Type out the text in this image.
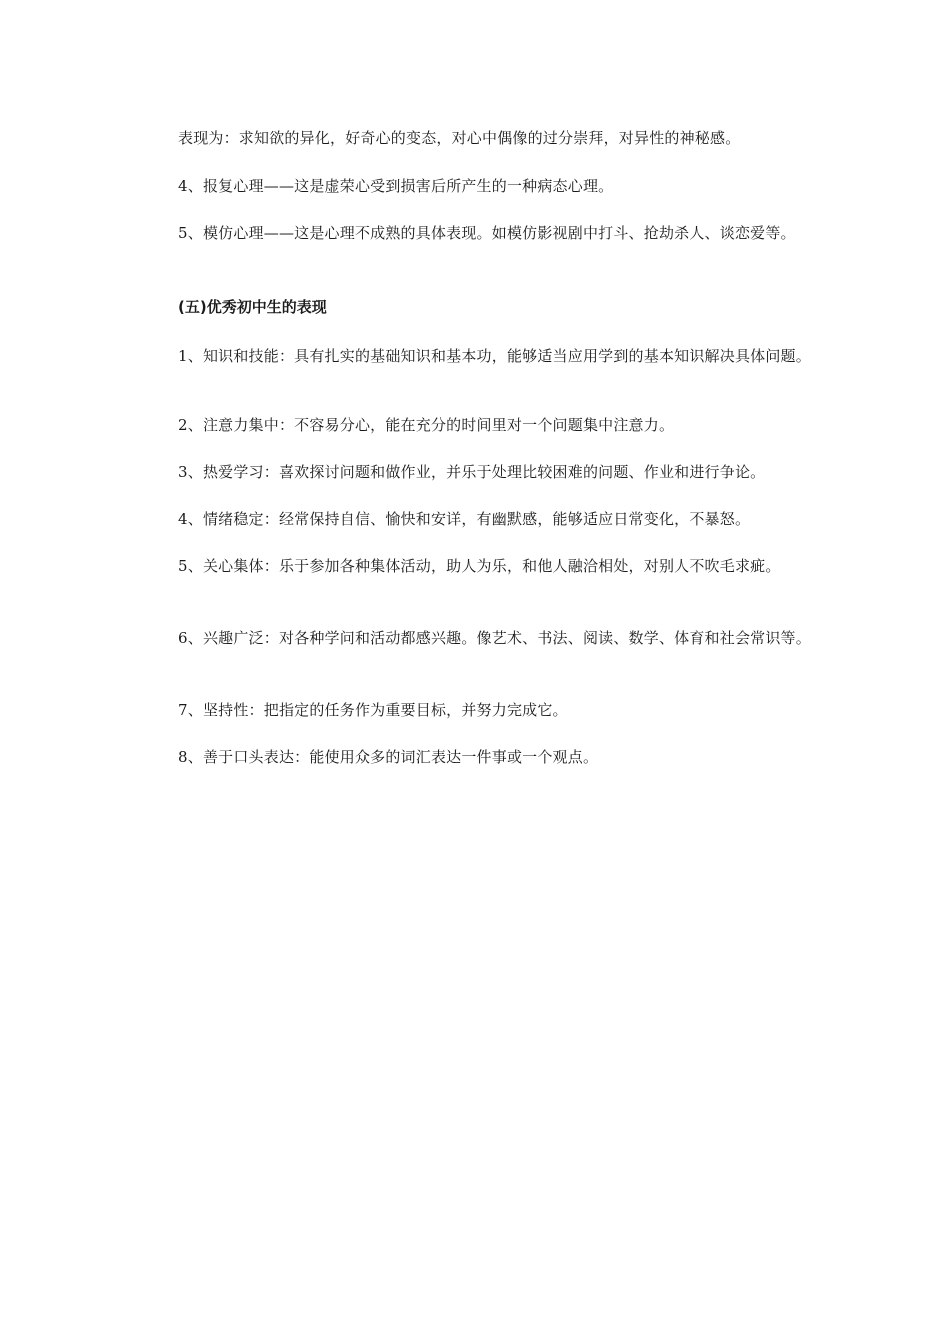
表现为：求知欲的异化，好奇心的变态，对心中偶像的过分崇拜，对异性的神秘感。

4、报复心理——这是虚荣心受到损害后所产生的一种病态心理。

5、模仿心理——这是心理不成熟的具体表现。如模仿影视剧中打斗、抢劫杀人、谈恋爱等。

(五)优秀初中生的表现

1、知识和技能：具有扎实的基础知识和基本功，能够适当应用学到的基本知识解决具体问题。

2、注意力集中：不容易分心，能在充分的时间里对一个问题集中注意力。

3、热爱学习：喜欢探讨问题和做作业，并乐于处理比较困难的问题、作业和进行争论。

4、情绪稳定：经常保持自信、愉快和安详，有幽默感，能够适应日常变化，不暴怒。

5、关心集体：乐于参加各种集体活动，助人为乐，和他人融洽相处，对别人不吹毛求疵。

6、兴趣广泛：对各种学问和活动都感兴趣。像艺术、书法、阅读、数学、体育和社会常识等。

7、坚持性：把指定的任务作为重要目标，并努力完成它。

8、善于口头表达：能使用众多的词汇表达一件事或一个观点。
